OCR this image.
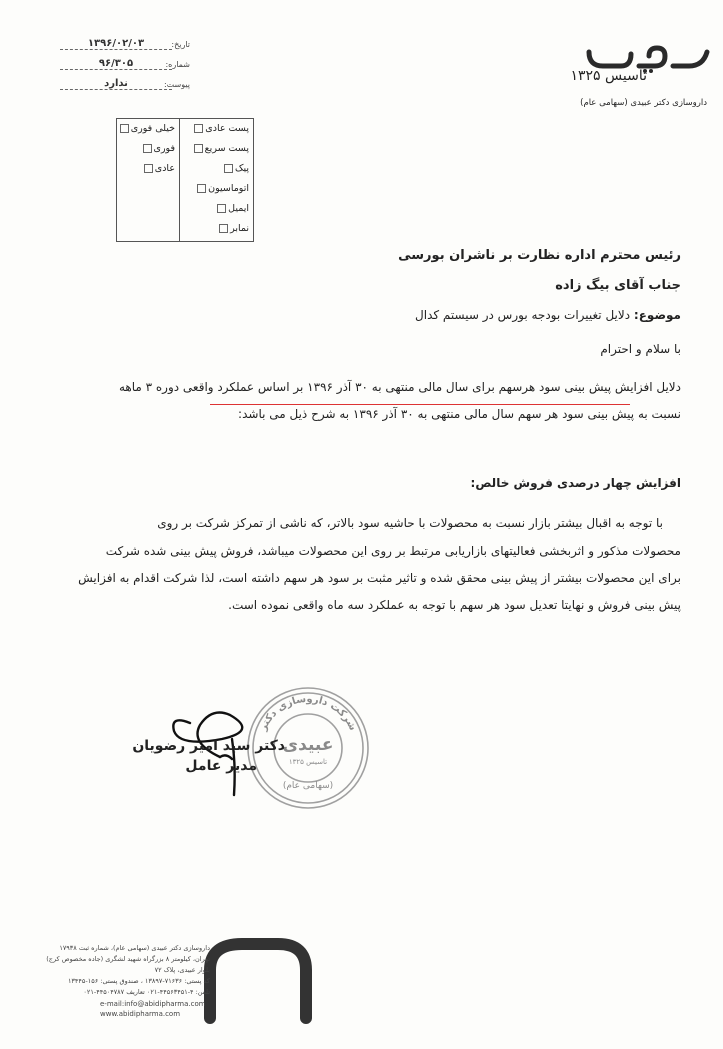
تاریخ:
۱۳۹۶/۰۲/۰۳
شماره:
۹۶/۳۰۵
پیوست:
ندارد
پست عادی
پست سریع
پیک
اتوماسیون
ایمیل
نمابر
خیلی فوری
فوری
عادی
عبیدی
تاسیس ۱۳۲۵
داروسازی دکتر عبیدی (سهامی عام)
رئیس محترم اداره نظارت بر ناشران بورسی
جناب آقای بیگ زاده
موضوع: دلایل تغییرات بودجه بورس در سیستم کدال
با سلام و احترام
دلایل افزایش پیش بینی سود هرسهم برای سال مالی منتهی به ۳۰ آذر ۱۳۹۶ بر اساس عملکرد واقعی دوره ۳ ماهه
نسبت به پیش بینی سود هر سهم سال مالی منتهی به ۳۰ آذر ۱۳۹۶ به شرح ذیل می باشد:
افزایش چهار درصدی فروش خالص:
با توجه به اقبال بیشتر بازار نسبت به محصولات با حاشیه سود بالاتر، که ناشی از تمرکز شرکت بر روی
محصولات مذکور و اثربخشی فعالیتهای بازاریابی مرتبط بر روی این محصولات میباشد، فروش پیش بینی شده شرکت
برای این محصولات بیشتر از پیش بینی محقق شده و تاثیر مثبت بر سود هر سهم داشته است، لذا شرکت اقدام به افزایش
پیش بینی فروش و نهایتا تعدیل سود هر سهم با توجه به عملکرد سه ماه واقعی نموده است.
شرکت داروسازی دکتر
عبیدی
تاسیس ۱۳۲۵
(سهامی عام)
دکتر سید امیر رضویان
مدیر عامل
داروسازی دکتر عبیدی (سهامی عام)، شماره ثبت ۱۷۹۳۸
تهران، کیلومتر ۸ بزرگراه شهید لشگری (جاده مخصوص کرج)
بلوار عبیدی، پلاک ۷۲
کد پستی: ۷۱۶۳۶-۱۳۸۹۷ ، صندوق پستی: ۱۵۶-۱۳۴۴۵
تلفن: ۴-۴۴۵۶۳۴۵۱-۰۲۱ تعاریف ۴۴۵۰۴۷۸۷-۰۲۱
e-mail:info@abidipharma.com
www.abidipharma.com
